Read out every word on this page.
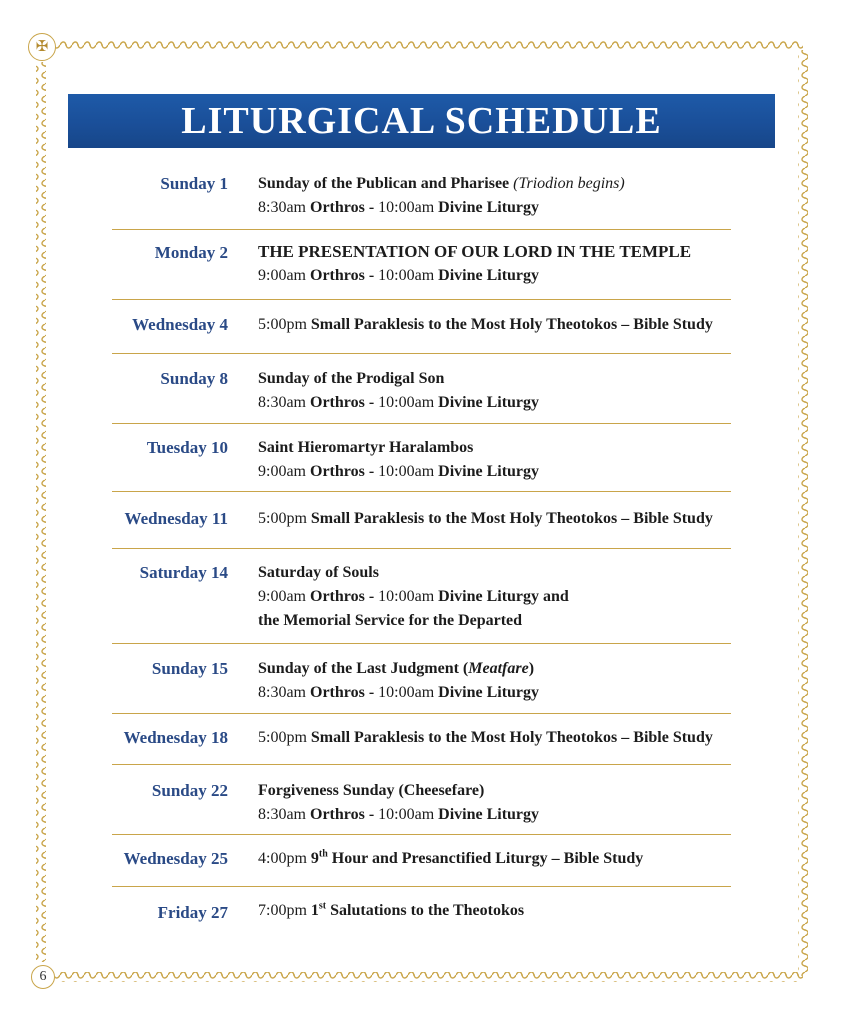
✠
LITURGICAL SCHEDULE
Sunday 1 Sunday of the Publican and Pharisee (Triodion begins)
8:30am Orthros - 10:00am Divine Liturgy
Monday 2 THE PRESENTATION OF OUR LORD IN THE TEMPLE
9:00am Orthros - 10:00am Divine Liturgy
Wednesday 4 5:00pm Small Paraklesis to the Most Holy Theotokos – Bible Study
Sunday 8 Sunday of the Prodigal Son
8:30am Orthros - 10:00am Divine Liturgy
Tuesday 10 Saint Hieromartyr Haralambos
9:00am Orthros - 10:00am Divine Liturgy
Wednesday 11 5:00pm Small Paraklesis to the Most Holy Theotokos – Bible Study
Saturday 14 Saturday of Souls
9:00am Orthros - 10:00am Divine Liturgy and
the Memorial Service for the Departed
Sunday 15 Sunday of the Last Judgment (Meatfare)
8:30am Orthros - 10:00am Divine Liturgy
Wednesday 18 5:00pm Small Paraklesis to the Most Holy Theotokos – Bible Study
Sunday 22 Forgiveness Sunday (Cheesefare)
8:30am Orthros - 10:00am Divine Liturgy
Wednesday 25 4:00pm 9th Hour and Presanctified Liturgy – Bible Study
Friday 27 7:00pm 1st Salutations to the Theotokos
6
